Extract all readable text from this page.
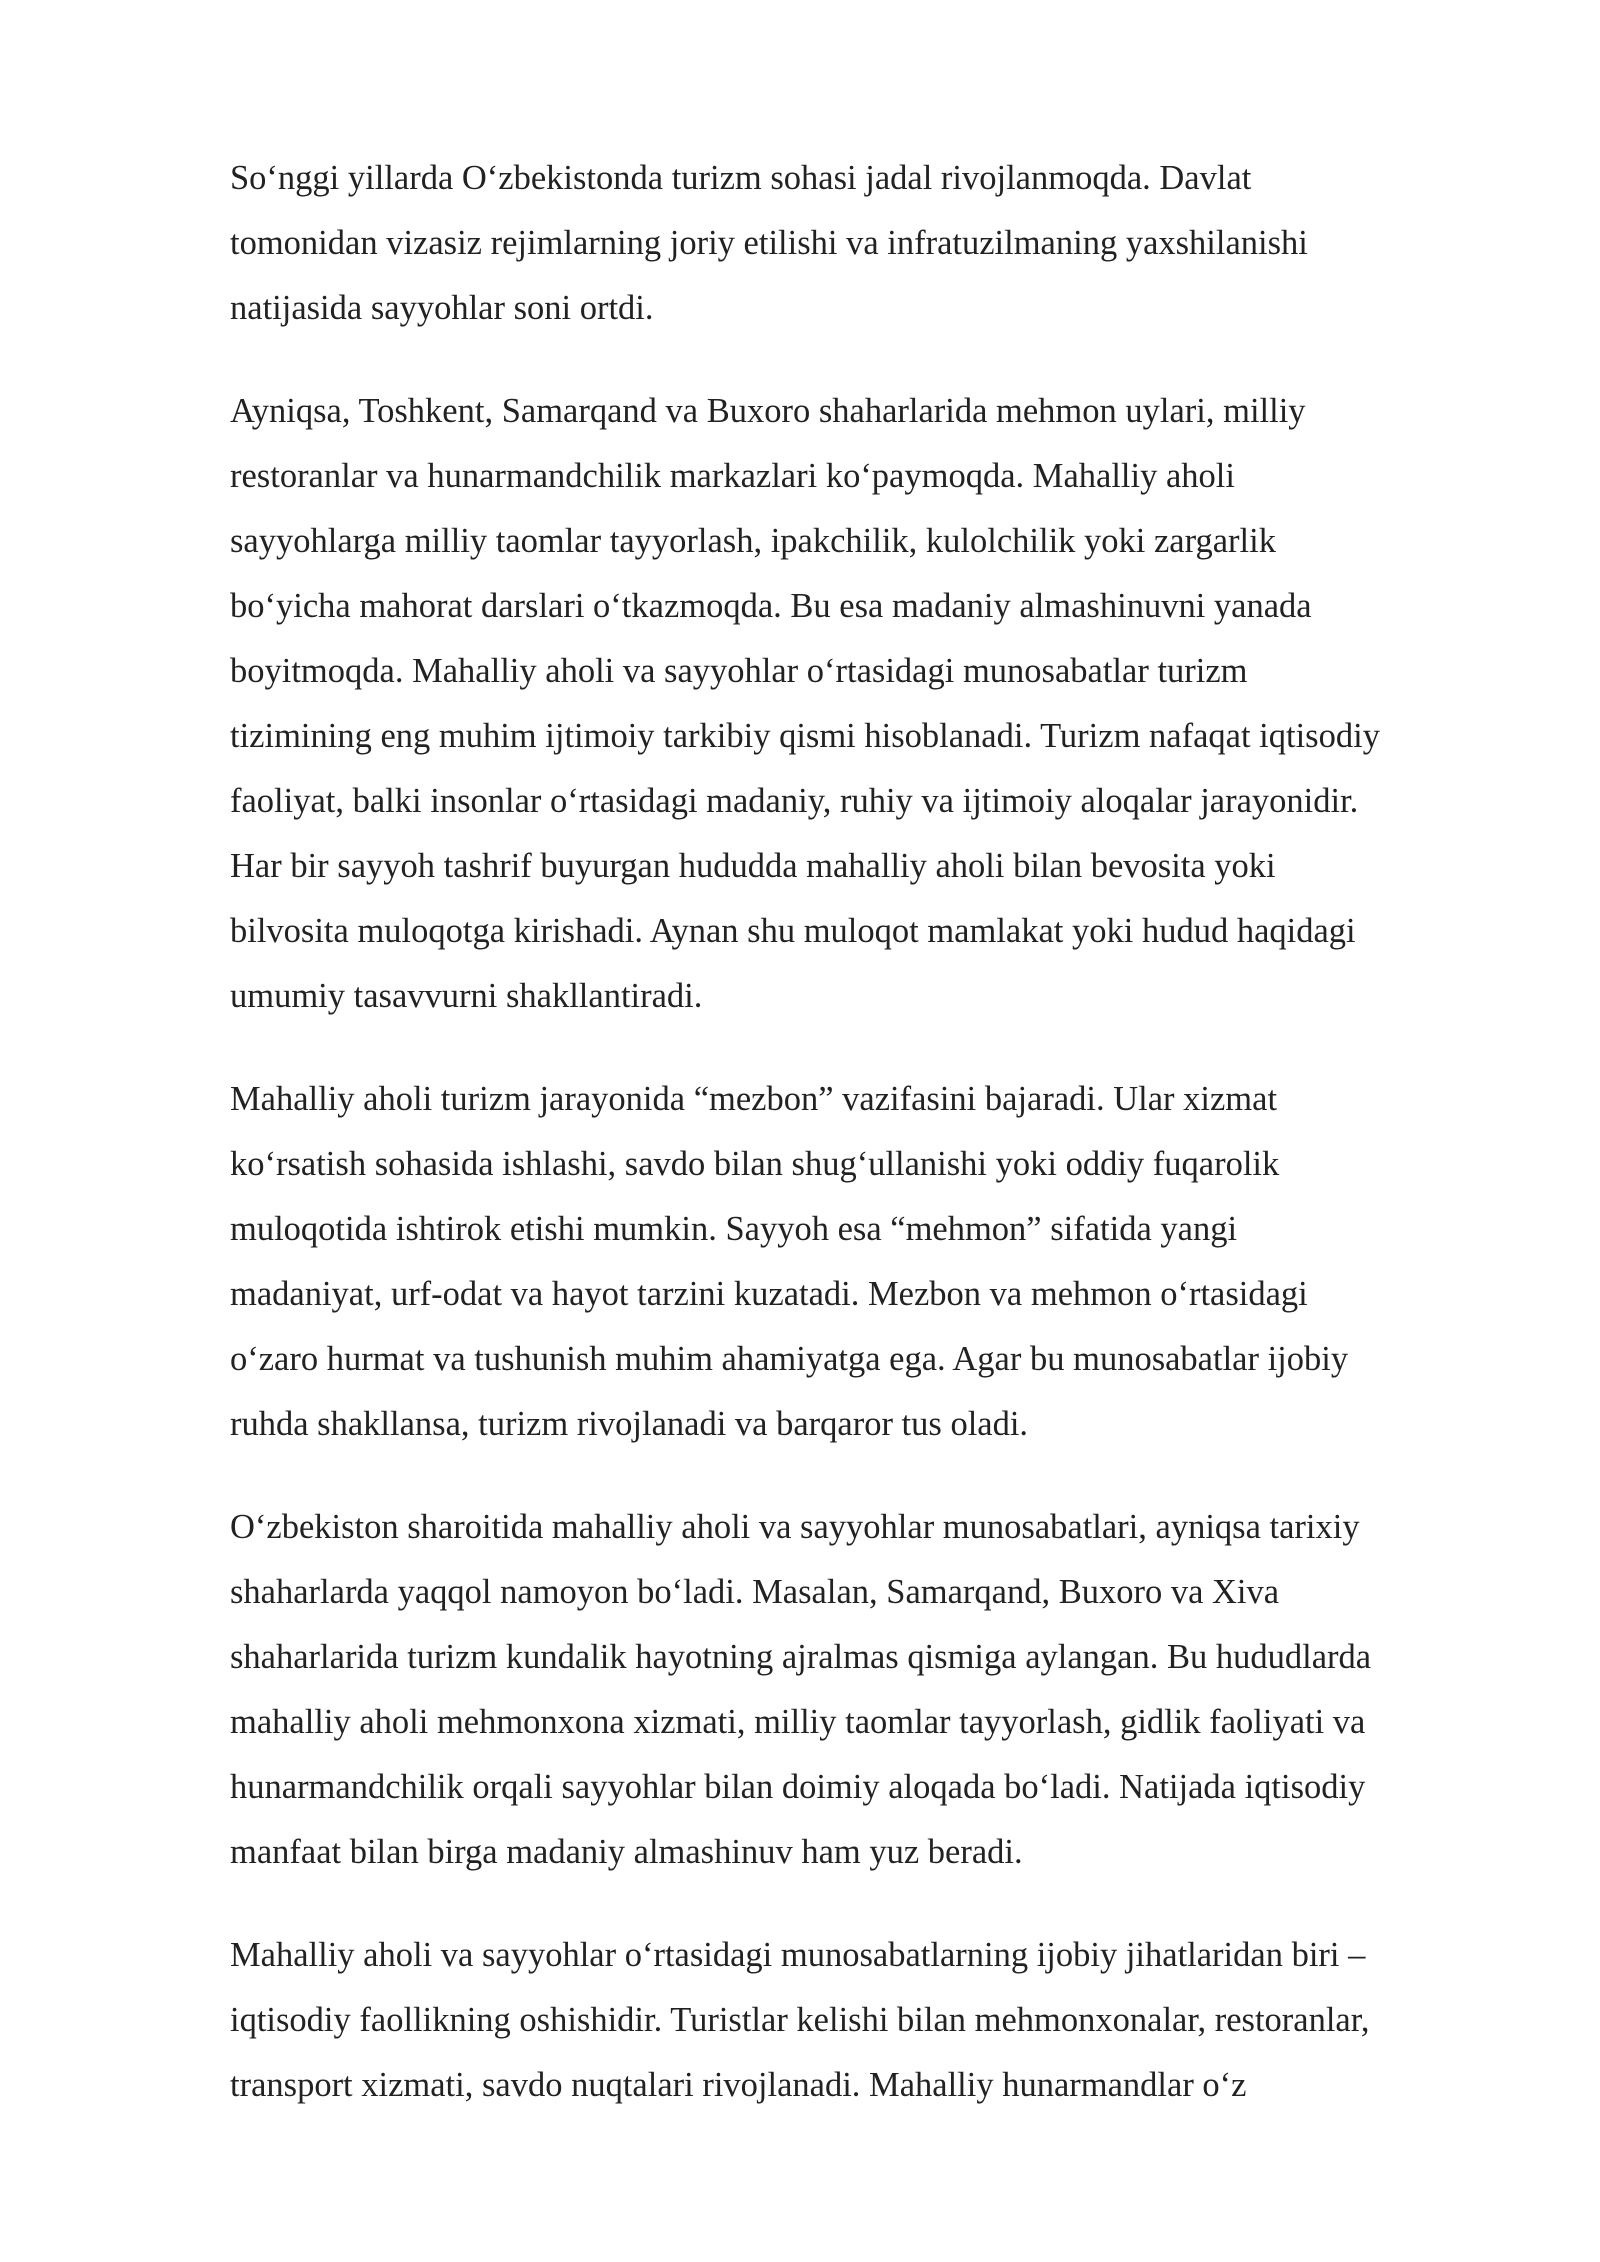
So‘nggi yillarda O‘zbekistonda turizm sohasi jadal rivojlanmoqda. Davlat
tomonidan vizasiz rejimlarning joriy etilishi va infratuzilmaning yaxshilanishi
natijasida sayyohlar soni ortdi.

Ayniqsa, Toshkent, Samarqand va Buxoro shaharlarida mehmon uylari, milliy
restoranlar va hunarmandchilik markazlari ko‘paymoqda. Mahalliy aholi
sayyohlarga milliy taomlar tayyorlash, ipakchilik, kulolchilik yoki zargarlik
bo‘yicha mahorat darslari o‘tkazmoqda. Bu esa madaniy almashinuvni yanada
boyitmoqda. Mahalliy aholi va sayyohlar o‘rtasidagi munosabatlar turizm
tizimining eng muhim ijtimoiy tarkibiy qismi hisoblanadi. Turizm nafaqat iqtisodiy
faoliyat, balki insonlar o‘rtasidagi madaniy, ruhiy va ijtimoiy aloqalar jarayonidir.
Har bir sayyoh tashrif buyurgan hududda mahalliy aholi bilan bevosita yoki
bilvosita muloqotga kirishadi. Aynan shu muloqot mamlakat yoki hudud haqidagi
umumiy tasavvurni shakllantiradi.

Mahalliy aholi turizm jarayonida “mezbon” vazifasini bajaradi. Ular xizmat
ko‘rsatish sohasida ishlashi, savdo bilan shug‘ullanishi yoki oddiy fuqarolik
muloqotida ishtirok etishi mumkin. Sayyoh esa “mehmon” sifatida yangi
madaniyat, urf-odat va hayot tarzini kuzatadi. Mezbon va mehmon o‘rtasidagi
o‘zaro hurmat va tushunish muhim ahamiyatga ega. Agar bu munosabatlar ijobiy
ruhda shakllansa, turizm rivojlanadi va barqaror tus oladi.

O‘zbekiston sharoitida mahalliy aholi va sayyohlar munosabatlari, ayniqsa tarixiy
shaharlarda yaqqol namoyon bo‘ladi. Masalan, Samarqand, Buxoro va Xiva
shaharlarida turizm kundalik hayotning ajralmas qismiga aylangan. Bu hududlarda
mahalliy aholi mehmonxona xizmati, milliy taomlar tayyorlash, gidlik faoliyati va
hunarmandchilik orqali sayyohlar bilan doimiy aloqada bo‘ladi. Natijada iqtisodiy
manfaat bilan birga madaniy almashinuv ham yuz beradi.

Mahalliy aholi va sayyohlar o‘rtasidagi munosabatlarning ijobiy jihatlaridan biri –
iqtisodiy faollikning oshishidir. Turistlar kelishi bilan mehmonxonalar, restoranlar,
transport xizmati, savdo nuqtalari rivojlanadi. Mahalliy hunarmandlar o‘z
